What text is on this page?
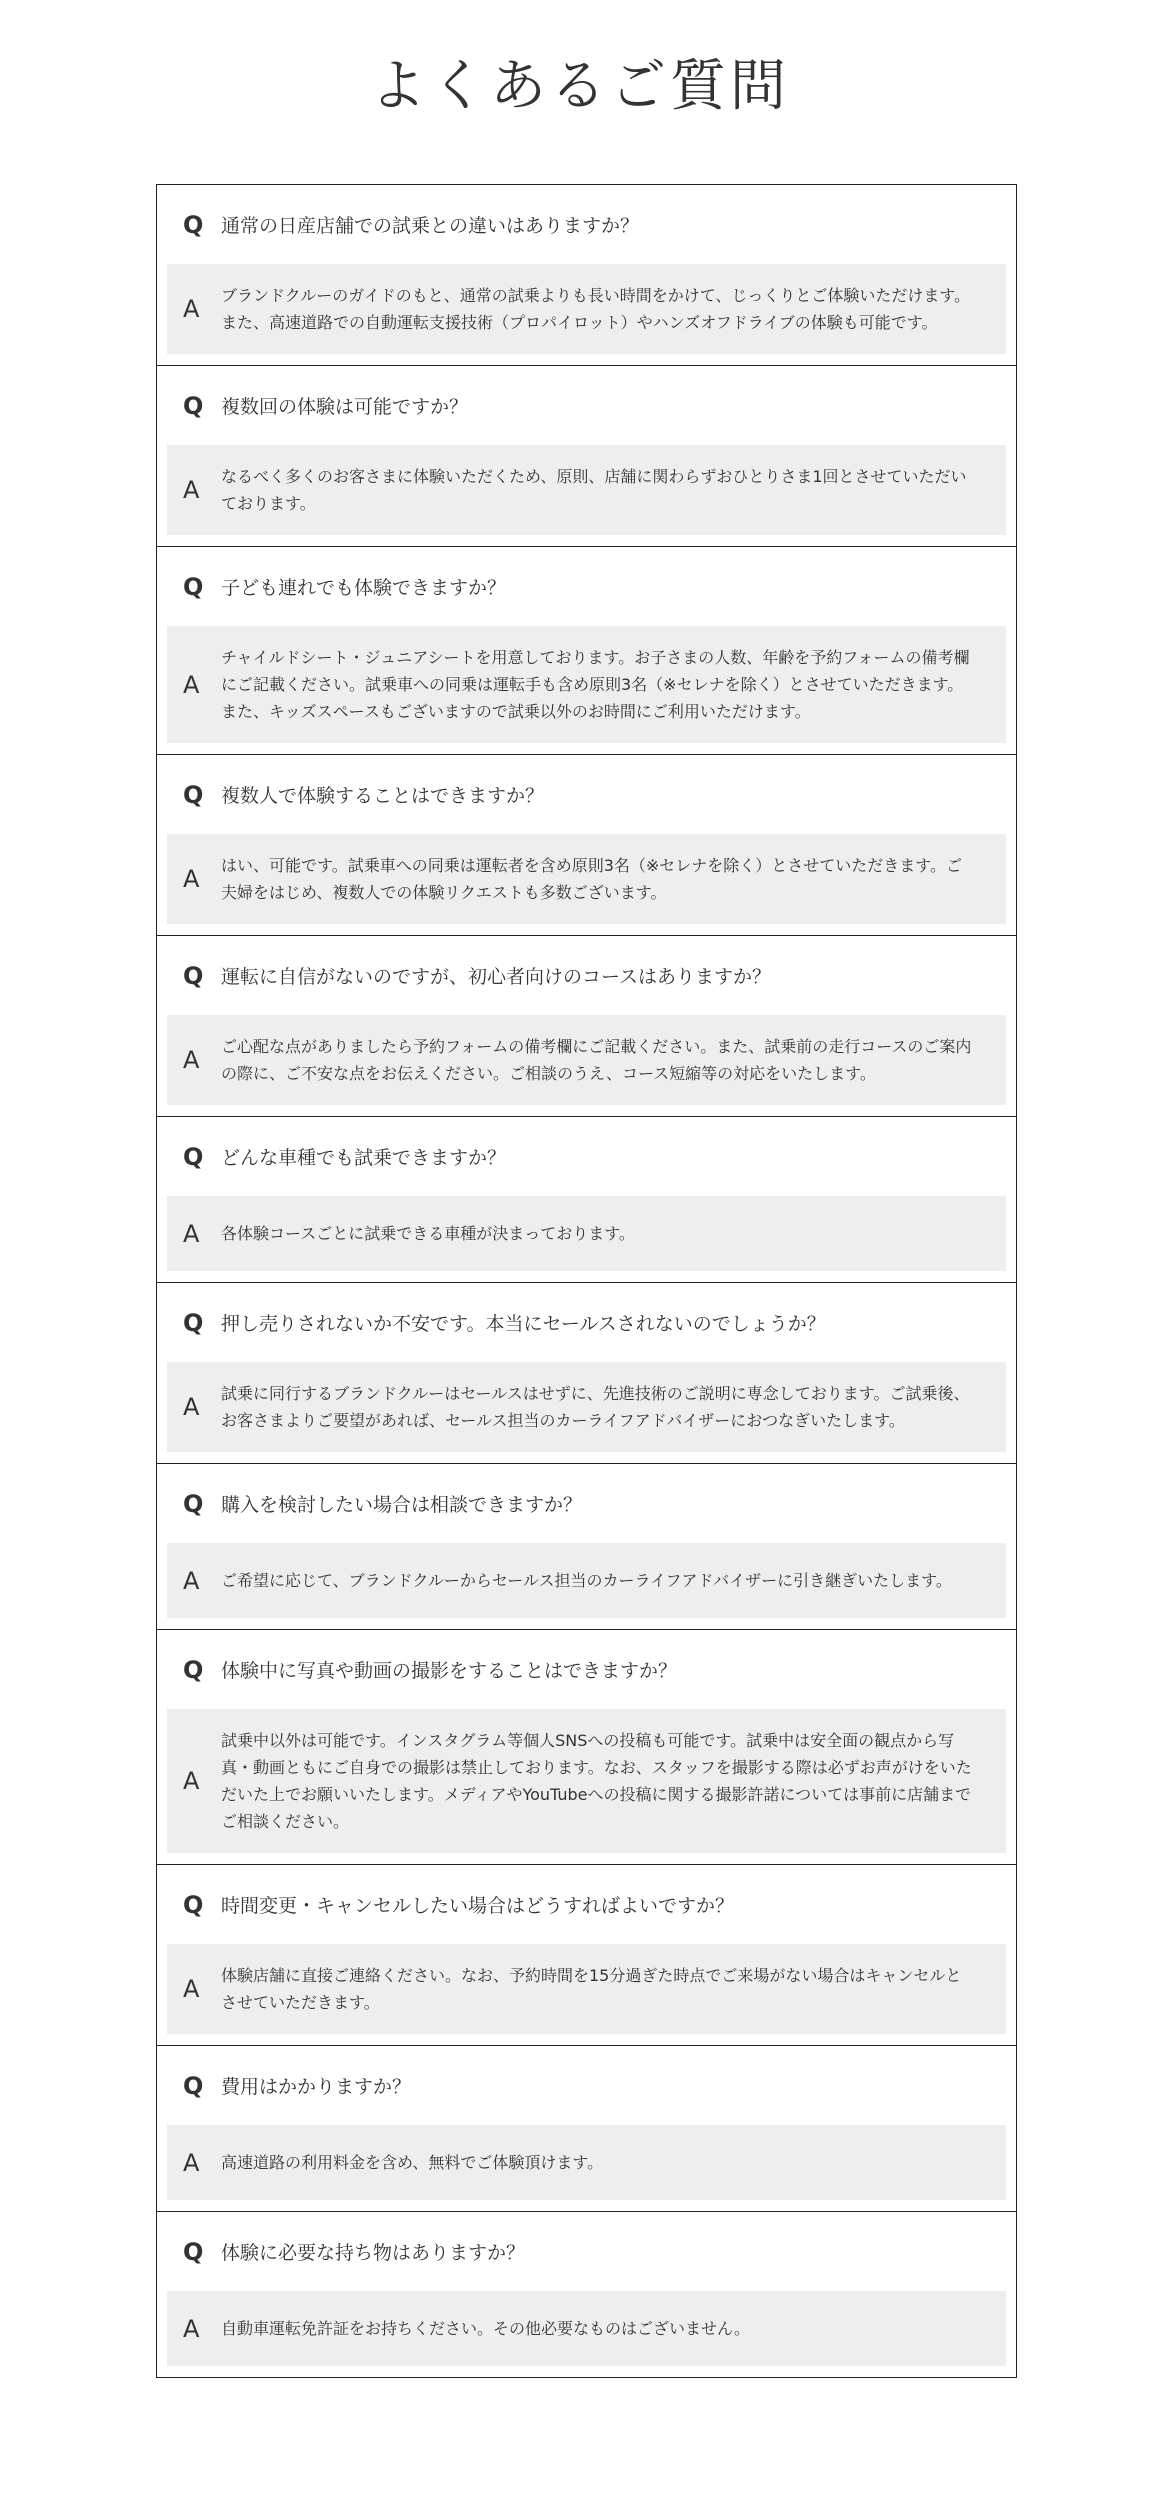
よくあるご質問
Q 通常の日産店舗での試乗との違いはありますか？
A	ブランドクルーのガイドのもと、通常の試乗よりも長い時間をかけて、じっくりとご体験いただけます。また、高速道路での自動運転支援技術（プロパイロット）やハンズオフドライブの体験も可能です。
Q 複数回の体験は可能ですか？
A	なるべく多くのお客さまに体験いただくため、原則、店舗に関わらずおひとりさま1回とさせていただいております。
Q 子ども連れでも体験できますか？
A
チャイルドシート・ジュニアシートを用意しております。お子さまの人数、年齢を予約フォームの備考欄にご記載ください。試乗車への同乗は運転手も含め原則3名（※セレナを除く）とさせていただきます。また、キッズスペースもございますので試乗以外のお時間にご利用いただけます。
Q 複数人で体験することはできますか？
A	はい、可能です。試乗車への同乗は運転者を含め原則3名（※セレナを除く）とさせていただきます。ご夫婦をはじめ、複数人での体験リクエストも多数ございます。
Q 運転に自信がないのですが、初心者向けのコースはありますか？
A	ご心配な点がありましたら予約フォームの備考欄にご記載ください。また、試乗前の走行コースのご案内の際に、ご不安な点をお伝えください。ご相談のうえ、コース短縮等の対応をいたします。
Q どんな車種でも試乗できますか？
A	各体験コースごとに試乗できる車種が決まっております。
Q 押し売りされないか不安です。本当にセールスされないのでしょうか？
A	試乗に同行するブランドクルーはセールスはせずに、先進技術のご説明に専念しております。ご試乗後、お客さまよりご要望があれば、セールス担当のカーライフアドバイザーにおつなぎいたします。
Q 購入を検討したい場合は相談できますか？
A	ご希望に応じて、ブランドクルーからセールス担当のカーライフアドバイザーに引き継ぎいたします。
Q 体験中に写真や動画の撮影をすることはできますか？
A
試乗中以外は可能です。インスタグラム等個人SNSへの投稿も可能です。試乗中は安全面の観点から写真・動画ともにご自身での撮影は禁止しております。なお、スタッフを撮影する際は必ずお声がけをいただいた上でお願いいたします。メディアやYouTubeへの投稿に関する撮影許諾については事前に店舗までご相談ください。
Q 時間変更・キャンセルしたい場合はどうすればよいですか？
A	体験店舗に直接ご連絡ください。なお、予約時間を15分過ぎた時点でご来場がない場合はキャンセルとさせていただきます。
Q 費用はかかりますか？
A	高速道路の利用料金を含め、無料でご体験頂けます。
Q 体験に必要な持ち物はありますか？
A	自動車運転免許証をお持ちください。その他必要なものはございません。
